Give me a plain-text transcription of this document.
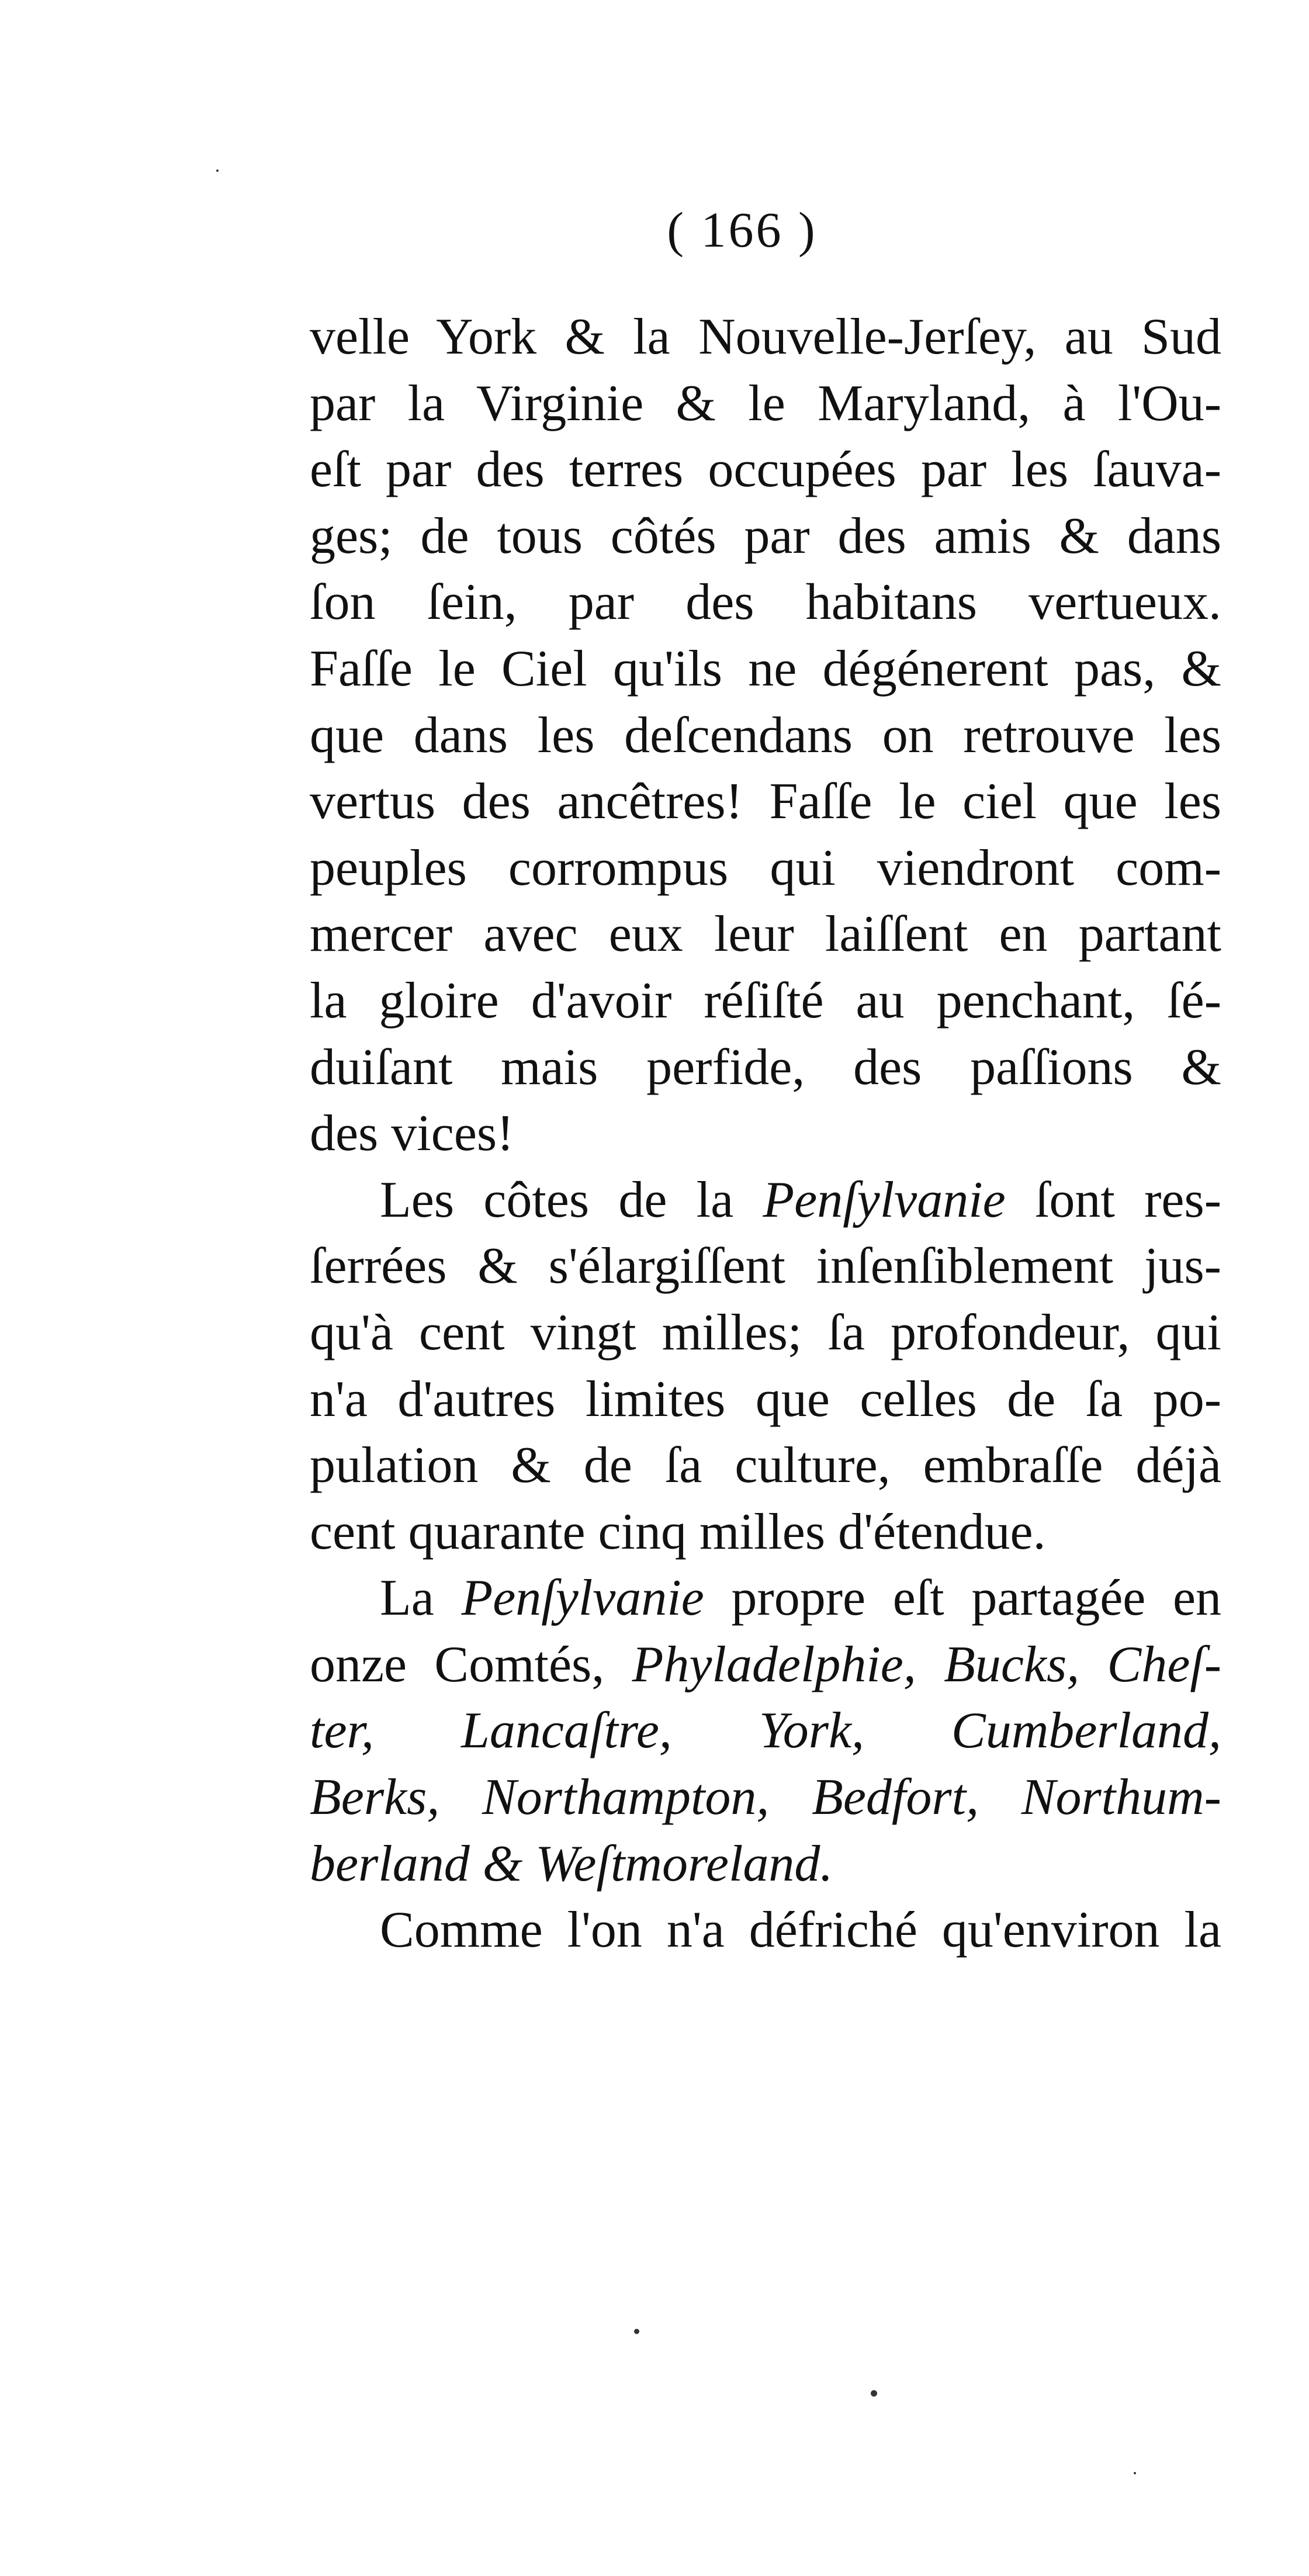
( 166 )
velle York & la Nouvelle-Jerſey, au Sud
par la Virginie & le Maryland, à l'Ou-
eſt par des terres occupées par les ſauva-
ges; de tous côtés par des amis & dans
ſon ſein, par des habitans vertueux.
Faſſe le Ciel qu'ils ne dégénerent pas, &
que dans les deſcendans on retrouve les
vertus des ancêtres! Faſſe le ciel que les
peuples corrompus qui viendront com-
mercer avec eux leur laiſſent en partant
la gloire d'avoir réſiſté au penchant, ſé-
duiſant mais perfide, des paſſions &
des vices!
Les côtes de la Penſylvanie ſont res-
ſerrées & s'élargiſſent inſenſiblement jus-
qu'à cent vingt milles; ſa profondeur, qui
n'a d'autres limites que celles de ſa po-
pulation & de ſa culture, embraſſe déjà
cent quarante cinq milles d'étendue.
La Penſylvanie propre eſt partagée en
onze Comtés, Phyladelphie, Bucks, Cheſ-
ter, Lancaſtre, York, Cumberland,
Berks, Northampton, Bedfort, Northum-
berland & Weſtmoreland.
Comme l'on n'a défriché qu'environ la
